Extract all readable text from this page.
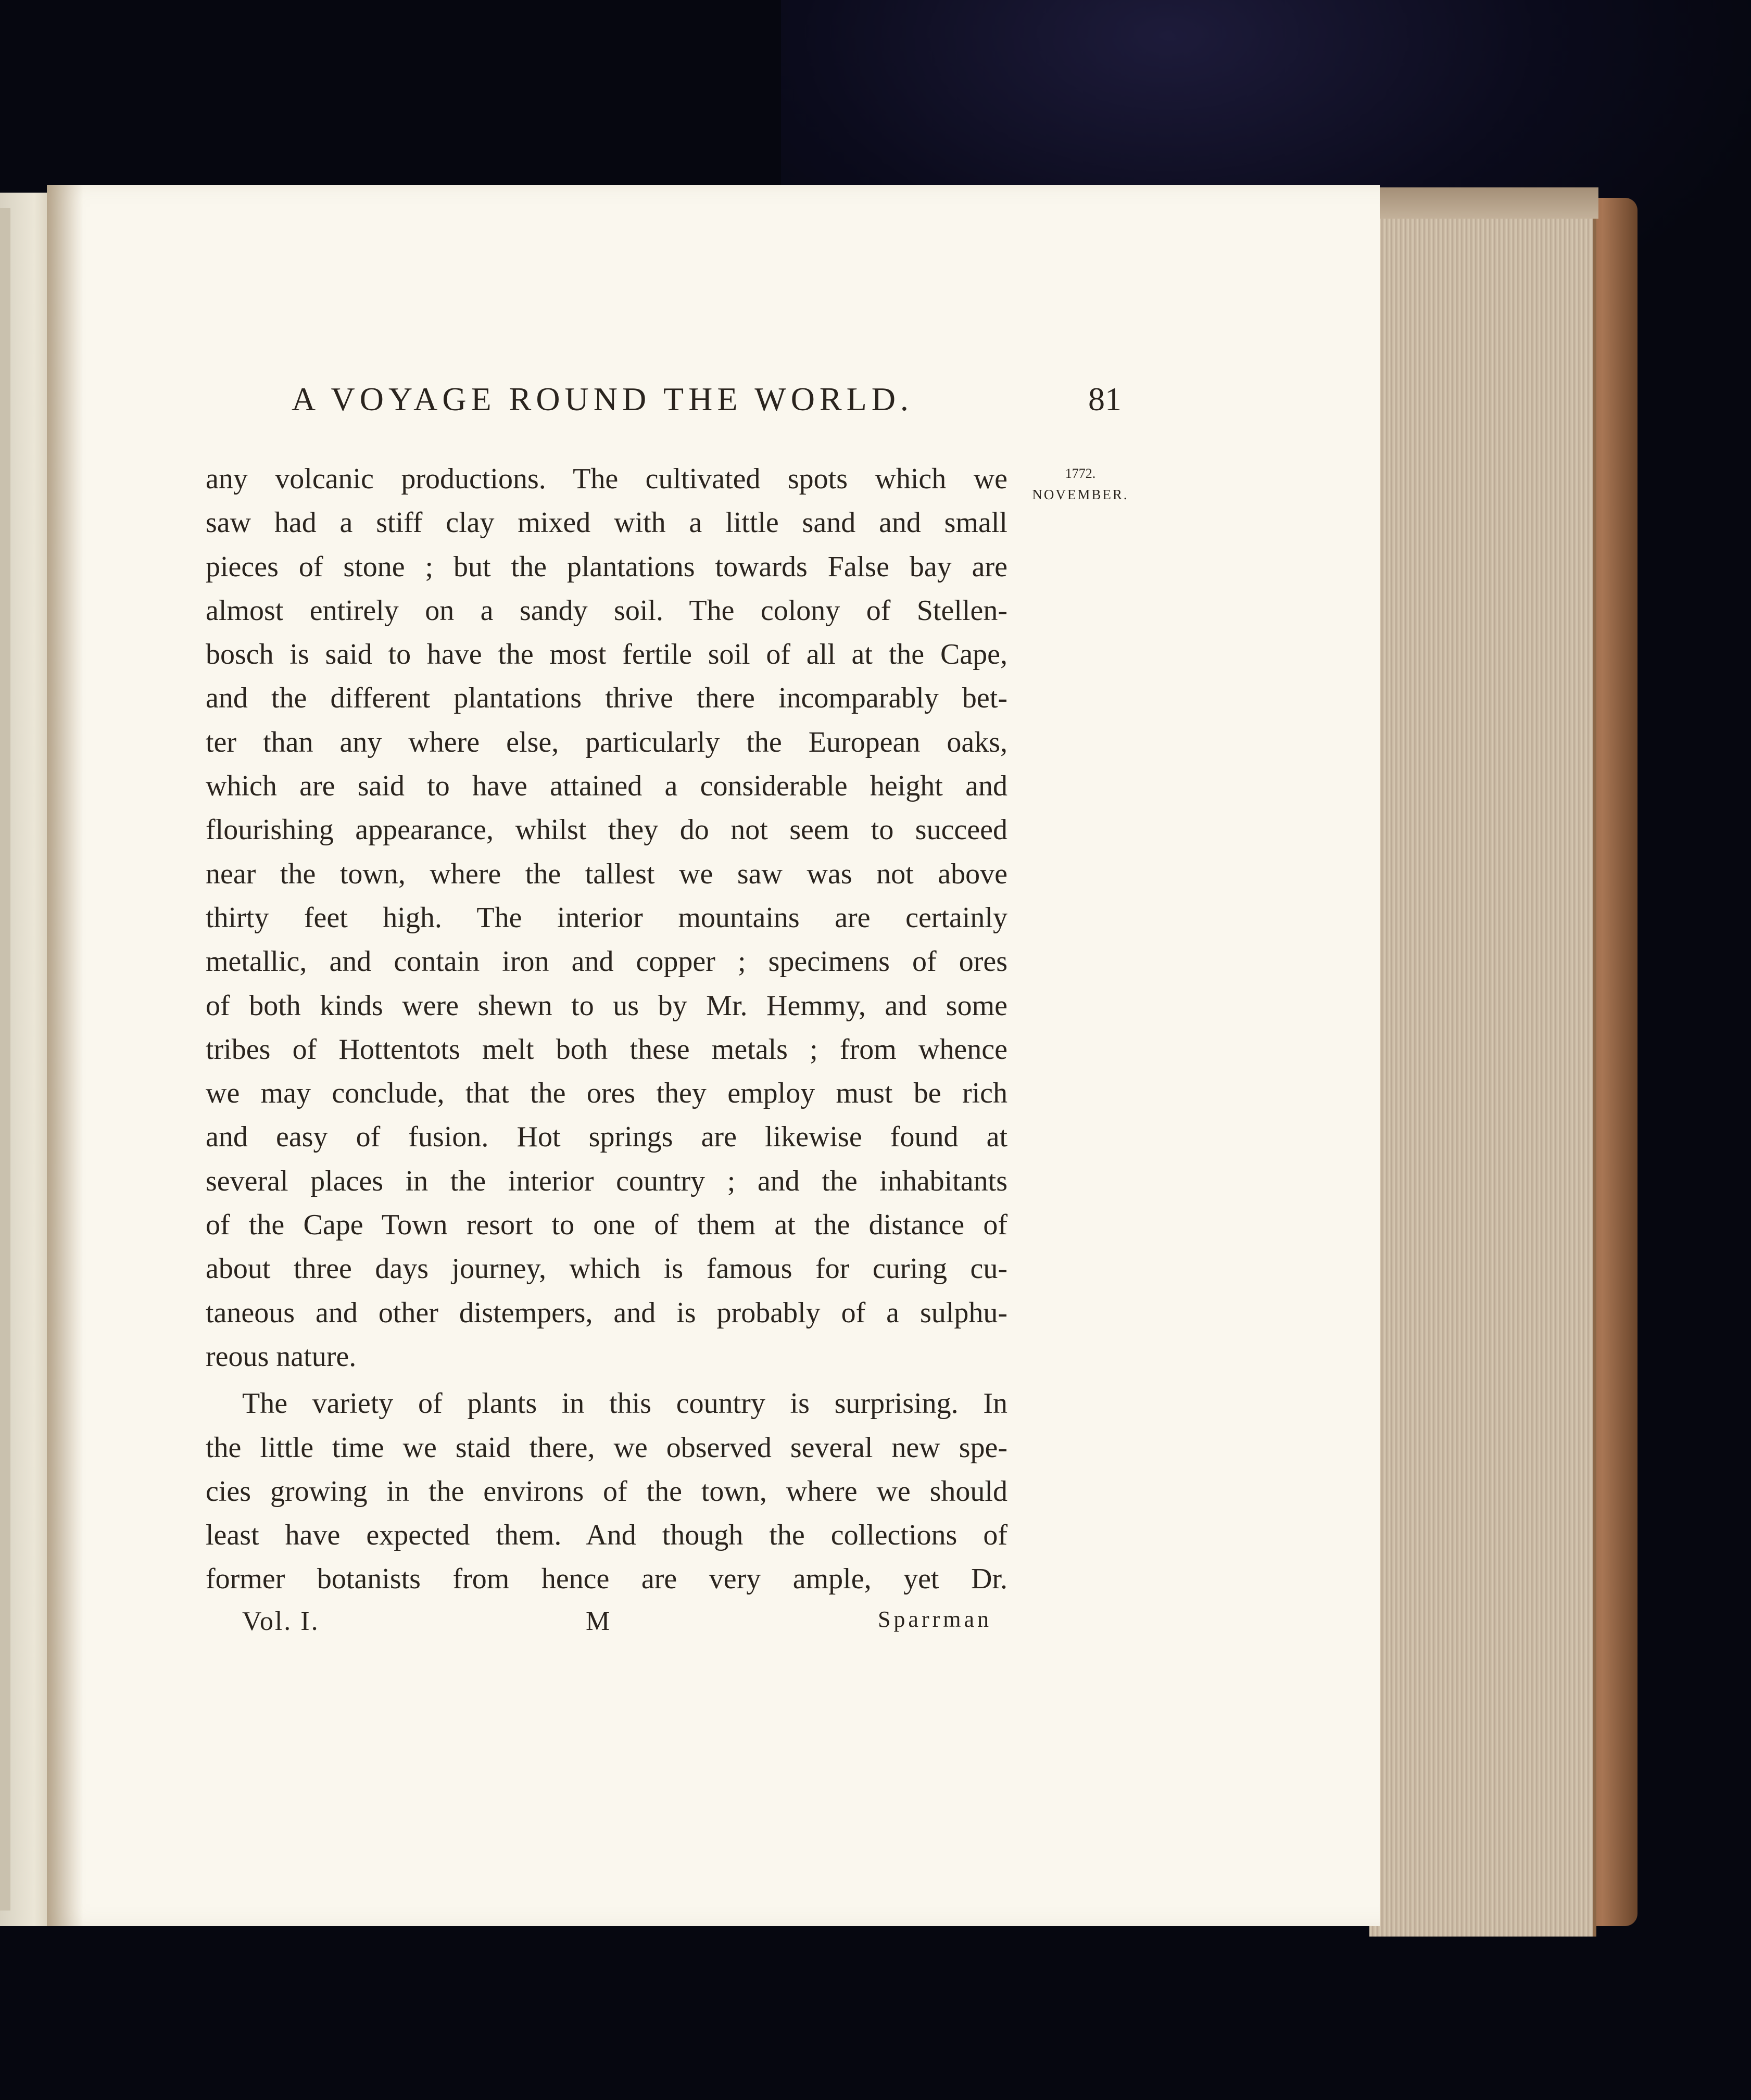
A VOYAGE ROUND THE WORLD.	81
1772.
NOVEMBER.
any volcanic productions. The cultivated spots which we
saw had a stiff clay mixed with a little sand and small
pieces of stone ; but the plantations towards False bay are
almost entirely on a sandy soil. The colony of Stellen-
bosch is said to have the most fertile soil of all at the Cape,
and the different plantations thrive there incomparably bet-
ter than any where else, particularly the European oaks,
which are said to have attained a considerable height and
flourishing appearance, whilst they do not seem to succeed
near the town, where the tallest we saw was not above
thirty feet high. The interior mountains are certainly
metallic, and contain iron and copper ; specimens of ores
of both kinds were shewn to us by Mr. Hemmy, and some
tribes of Hottentots melt both these metals ; from whence
we may conclude, that the ores they employ must be rich
and easy of fusion. Hot springs are likewise found at
several places in the interior country ; and the inhabitants
of the Cape Town resort to one of them at the distance of
about three days journey, which is famous for curing cu-
taneous and other distempers, and is probably of a sulphu-
reous nature.
The variety of plants in this country is surprising. In
the little time we staid there, we observed several new spe-
cies growing in the environs of the town, where we should
least have expected them. And though the collections of
former botanists from hence are very ample, yet Dr.
Vol. I.	M	Sparrman
